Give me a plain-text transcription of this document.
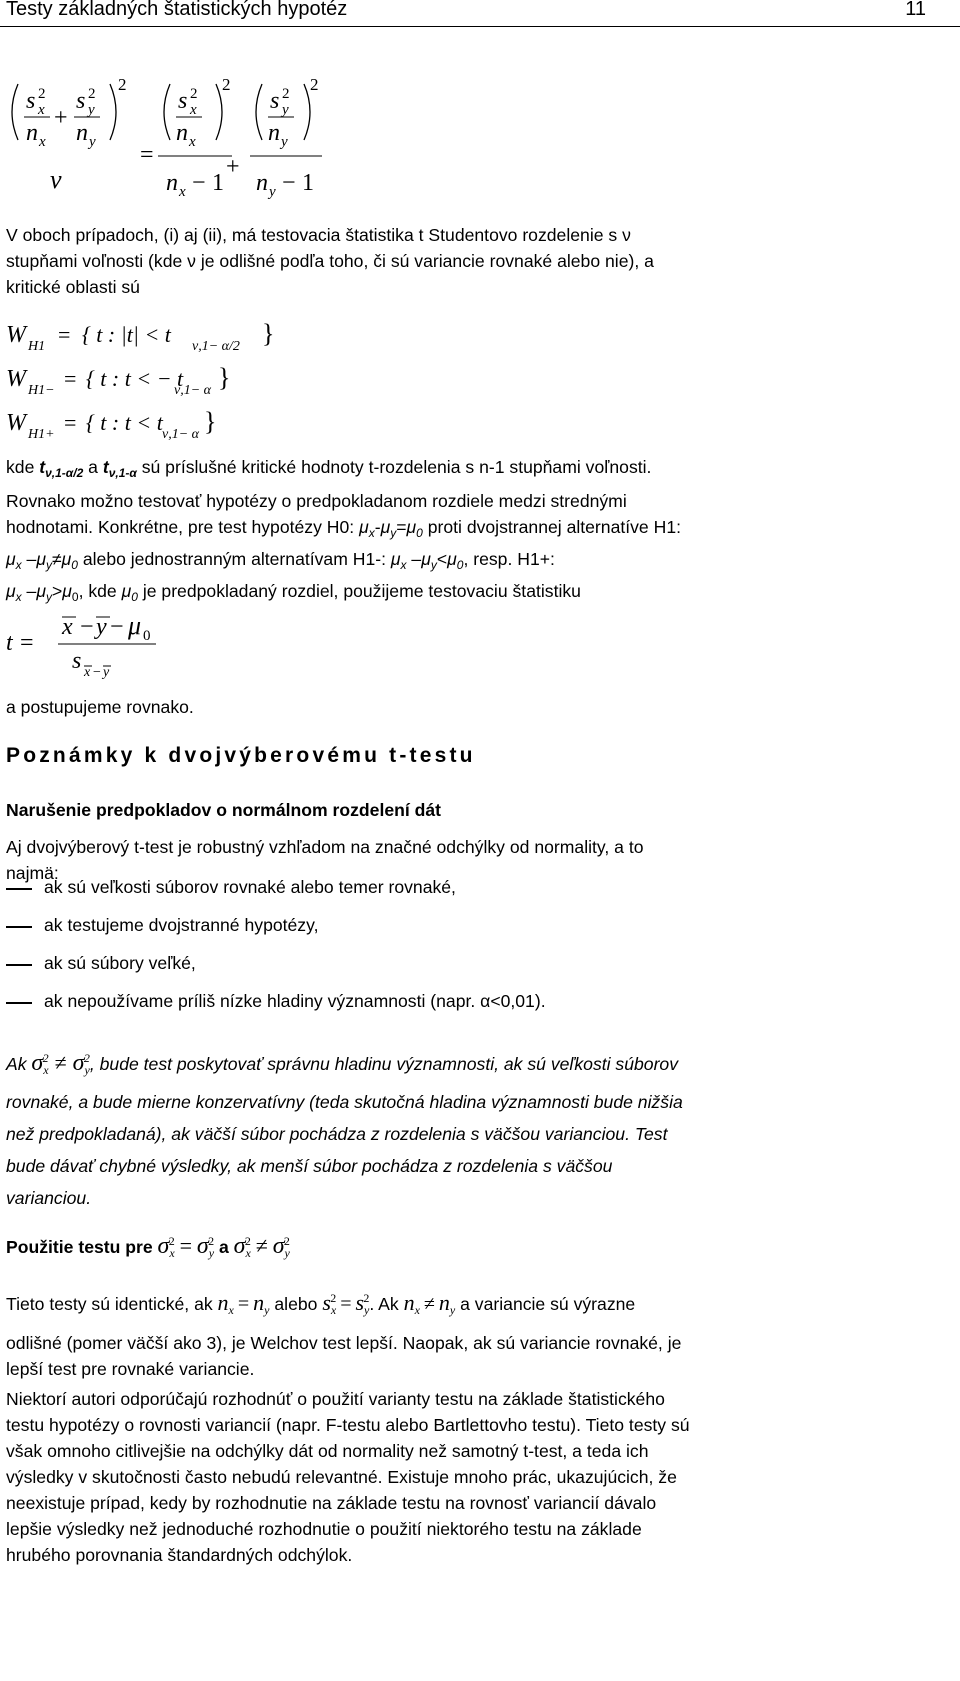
Testy základných štatistických hypotéz	11
2
s 2
x
n x
+
s 2
y
n y
ν
=
2
s 2
x
n x
n x − 1
+
2
s 2
y
n y
n y − 1
V oboch prípadoch, (i) aj (ii), má testovacia štatistika t Studentovo rozdelenie s ν
stupňami voľnosti (kde ν je odlišné podľa toho, či sú variancie rovnaké alebo nie), a
kritické oblasti sú
W H1 = { t : |t| < t ν,1− α/2 }
W H1− = { t : t < − t
ν,1− α }
W H1+ = { t : t < t ν,1− α }
kde $t_{\nu,1-\alpha/2}$ a $t_{\nu,1-\alpha}$ sú príslušné kritické hodnoty t-rozdelenia s n-1 stupňami voľnosti.
Rovnako možno testovať hypotézy o predpokladanom rozdiele medzi strednými
hodnotami. Konkrétne, pre test hypotézy H0: $\mu_x-\mu_y=\mu_0$ proti dvojstrannej alternatíve H1:
$\mu_x$ $-\mu_y\ne\mu_0$ alebo jednostranným alternatívam H1-: $\mu_x$ $-\mu_y<\mu_0$, resp. H1+:
$\mu_x$ $-\mu_y>\mu_0$, kde $\mu_0$ je predpokladaný rozdiel, použijeme testovaciu štatistiku
t =
x − y − μ 0
s x − y
a postupujeme rovnako.
Poznámky k dvojvýberovému t-testu
Narušenie predpokladov o normálnom rozdelení dát
Aj dvojvýberový t-test je robustný vzhľadom na značné odchýlky od normality, a to
najmä:
ak sú veľkosti súborov rovnaké alebo temer rovnaké,
ak testujeme dvojstranné hypotézy,
ak sú súbory veľké,
ak nepoužívame príliš nízke hladiny významnosti (napr. α<0,01).
Ak $\sigma_x^2 \ne \sigma_y^2$, bude test poskytovať správnu hladinu významnosti, ak sú veľkosti súborov
rovnaké, a bude mierne konzervatívny (teda skutočná hladina významnosti bude nižšia
než predpokladaná), ak väčší súbor pochádza z rozdelenia s väčšou varianciou. Test
bude dávať chybné výsledky, ak menší súbor pochádza z rozdelenia s väčšou
varianciou.
Použitie testu pre $\sigma_x^2 = \sigma_y^2$ a $\sigma_x^2 \ne \sigma_y^2$
Tieto testy sú identické, ak $n_x = n_y$ alebo $s_x^2 = s_y^2$. Ak $n_x \ne n_y$ a variancie sú výrazne
odlišné (pomer väčší ako 3), je Welchov test lepší. Naopak, ak sú variancie rovnaké, je
lepší test pre rovnaké variancie.
Niektorí autori odporúčajú rozhodnúť o použití varianty testu na základe štatistického
testu hypotézy o rovnosti variancií (napr. F-testu alebo Bartlettovho testu). Tieto testy sú
však omnoho citlivejšie na odchýlky dát od normality než samotný t-test, a teda ich
výsledky v skutočnosti často nebudú relevantné. Existuje mnoho prác, ukazujúcich, že
neexistuje prípad, kedy by rozhodnutie na základe testu na rovnosť variancií dávalo
lepšie výsledky než jednoduché rozhodnutie o použití niektorého testu na základe
hrubého porovnania štandardných odchýlok.
